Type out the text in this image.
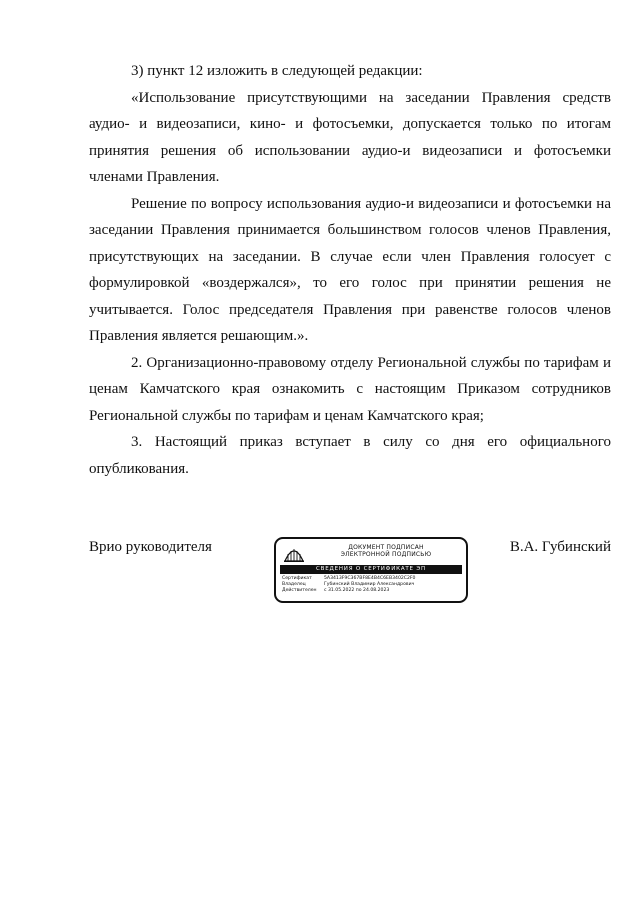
3) пункт 12 изложить в следующей редакции:

«Использование присутствующими на заседании Правления средств аудио- и видеозаписи, кино- и фотосъемки, допускается только по итогам принятия решения об использовании аудио-и видеозаписи и фотосъемки членами Правления.

Решение по вопросу использования аудио-и видеозаписи и фотосъемки на заседании Правления принимается большинством голосов членов Правления, присутствующих на заседании. В случае если член Правления голосует с формулировкой «воздержался», то его голос при принятии решения не учитывается. Голос председателя Правления при равенстве голосов членов Правления является решающим.».

2. Организационно-правовому отделу Региональной службы по тарифам и ценам Камчатского края ознакомить с настоящим Приказом сотрудников Региональной службы по тарифам и ценам Камчатского края;

3. Настоящий приказ вступает в силу со дня его официального опубликования.

Врио руководителя	ДОКУМЕНТ ПОДПИСАН
ЭЛЕКТРОННОЙ ПОДПИСЬЮ
СВЕДЕНИЯ О СЕРТИФИКАТЕ ЭП
Сертификат	5A3413F9C367BF8E4B4C6EB3402C2F0
Владелец	Губинский Владимир Александрович
Действителен с 31.05.2022 по 24.08.2023
В.А. Губинский
